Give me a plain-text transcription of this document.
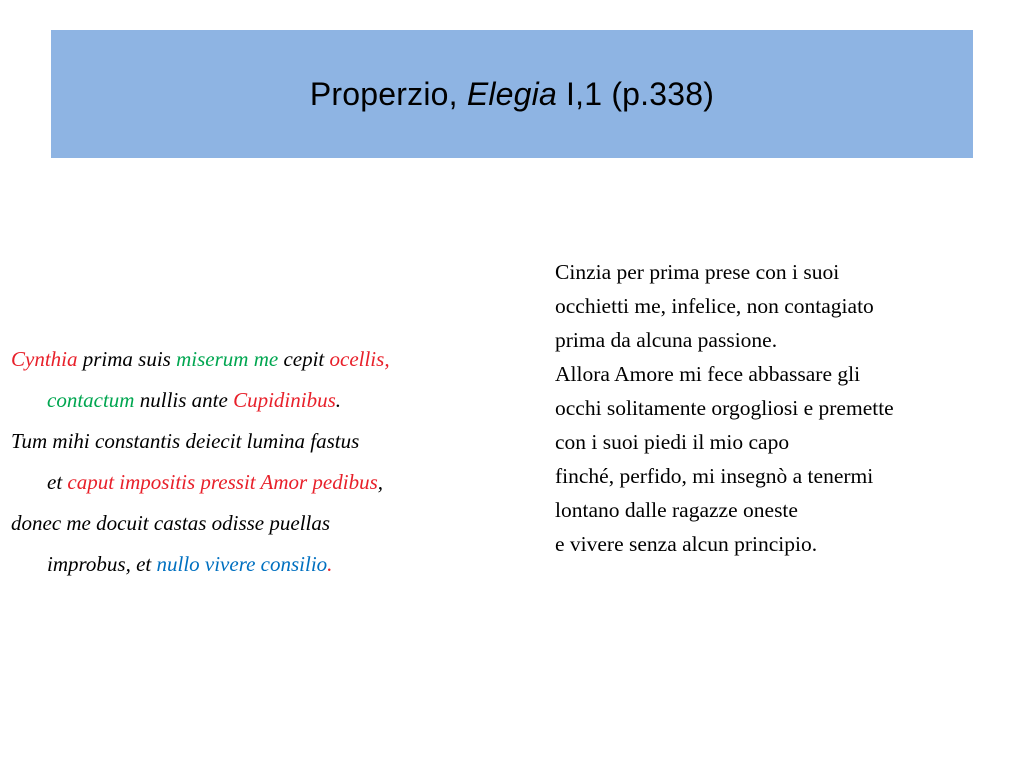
Properzio, Elegia I,1 (p.338)
Cynthia prima suis miserum me cepit ocellis,
contactum nullis ante Cupidinibus.
Tum mihi constantis deiecit lumina fastus
et caput impositis pressit Amor pedibus,
donec me docuit castas odisse puellas
improbus, et nullo vivere consilio.
Cinzia per prima prese con i suoi
occhietti me, infelice, non contagiato
prima da alcuna passione.
Allora Amore mi fece abbassare gli
occhi solitamente orgogliosi e premette
con i suoi piedi il mio capo
finché, perfido, mi insegnò a tenermi
lontano dalle ragazze oneste
e vivere senza alcun principio.
